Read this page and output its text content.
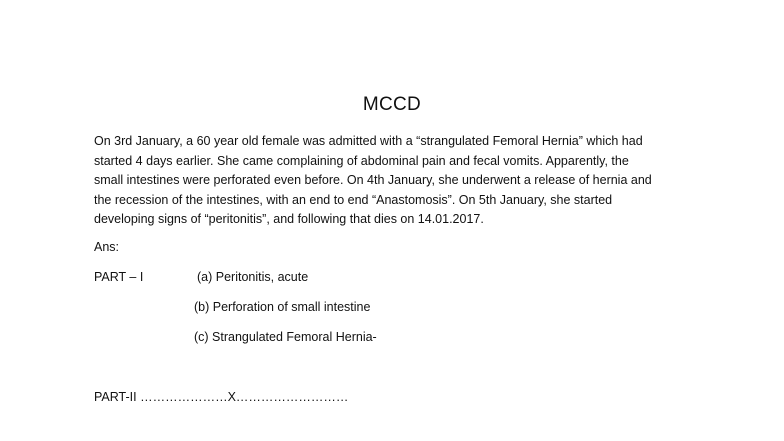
MCCD
On 3rd January, a 60 year old female was admitted with a “strangulated Femoral Hernia” which had
started 4 days earlier. She came complaining of abdominal pain and fecal vomits. Apparently, the
small intestines were perforated even before. On 4th January, she underwent a release of hernia and
the recession of the intestines, with an end to end “Anastomosis”. On 5th January, she started
developing signs of “peritonitis”, and following that dies on 14.01.2017.
Ans:
PART – I	(a) Peritonitis, acute
(b) Perforation of small intestine
(c) Strangulated Femoral Hernia-
PART-II …………………X………………………
